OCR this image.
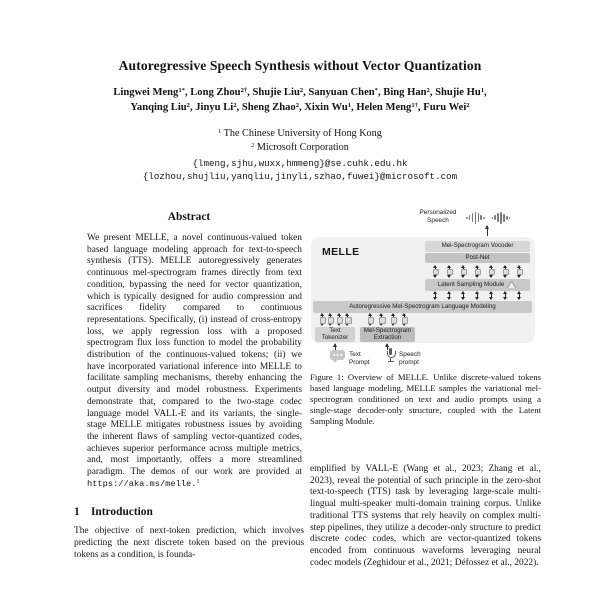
Autoregressive Speech Synthesis without Vector Quantization
Lingwei Meng$^{1*}$, Long Zhou$^{2\dagger}$, Shujie Liu$^2$, Sanyuan Chen*, Bing Han$^2$, Shujie Hu$^1$,
Yanqing Liu$^2$, Jinyu Li$^2$, Sheng Zhao$^2$, Xixin Wu$^1$, Helen Meng$^{1\dagger}$, Furu Wei$^2$
$^1$ The Chinese University of Hong Kong
$^2$ Microsoft Corporation
{lmeng,sjhu,wuxx,hmmeng}@se.cuhk.edu.hk
{lozhou,shujliu,yanqliu,jinyli,szhao,fuwei}@microsoft.com
Abstract

We present MELLE, a novel continuous-valued token based language modeling approach for text-to-speech synthesis (TTS). MELLE autoregressively generates continuous mel-spectrogram frames directly from text condition, bypassing the need for vector quantization, which is typically designed for audio compression and sacrifices fidelity compared to continuous representations. Specifically, (i) instead of cross-entropy loss, we apply regression loss with a proposed spectrogram flux loss function to model the probability distribution of the continuous-valued tokens; (ii) we have incorporated variational inference into MELLE to facilitate sampling mechanisms, thereby enhancing the output diversity and model robustness. Experiments demonstrate that, compared to the two-stage codec language model VALL-E and its variants, the single-stage MELLE mitigates robustness issues by avoiding the inherent flaws of sampling vector-quantized codes, achieves superior performance across multiple metrics, and, most importantly, offers a more streamlined paradigm. The demos of our work are provided at https://aka.ms/melle.$^1$

1 Introduction

The objective of next-token prediction, which involves predicting the next discrete token based on the previous tokens as a condition, is founda-

Personalized
Speech
MELLE
Mel-Spectrogram Vocoder
Post-Net
Latent Sampling Module
Autoregressive Mel-Spectrogram Language Modeling
Text
Tokenizer
Mel-Spectrogram
Extraction
Text
Prompt
Speech
prompt
Figure 1: Overview of MELLE. Unlike discrete-valued tokens based language modeling, MELLE samples the variational mel-spectrogram conditioned on text and audio prompts using a single-stage decoder-only structure, coupled with the Latent Sampling Module.

emplified by VALL-E (Wang et al., 2023; Zhang et al., 2023), reveal the potential of such principle in the zero-shot text-to-speech (TTS) task by leveraging large-scale multi-lingual multi-speaker multi-domain training corpus. Unlike traditional TTS systems that rely heavily on complex multi-step pipelines, they utilize a decoder-only structure to predict discrete codec codes, which are vector-quantized tokens encoded from continuous waveforms leveraging neural codec models (Zeghidour et al., 2021; Défossez et al., 2022).
